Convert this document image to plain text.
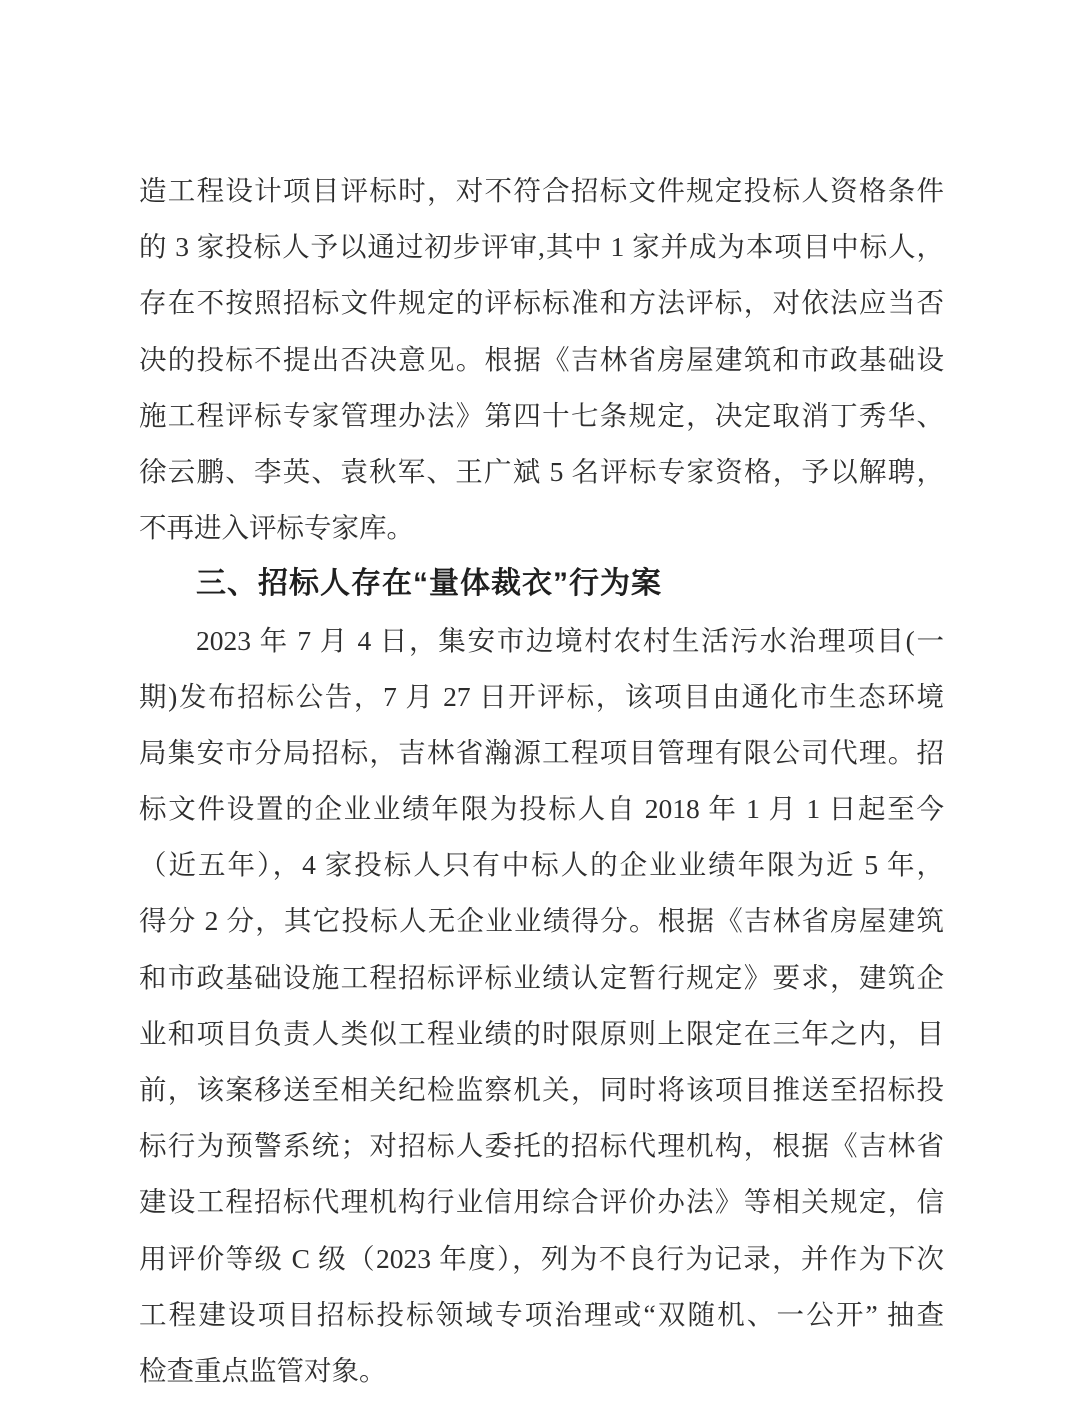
造工程设计项目评标时，对不符合招标文件规定投标人资格条件

的 3 家投标人予以通过初步评审,其中 1 家并成为本项目中标人，

存在不按照招标文件规定的评标标准和方法评标，对依法应当否

决的投标不提出否决意见。根据《吉林省房屋建筑和市政基础设

施工程评标专家管理办法》第四十七条规定，决定取消丁秀华、

徐云鹏、李英、袁秋军、王广斌 5 名评标专家资格，予以解聘，

不再进入评标专家库。

三、招标人存在“量体裁衣”行为案

2023 年 7 月 4 日，集安市边境村农村生活污水治理项目(一

期)发布招标公告，7 月 27 日开评标，该项目由通化市生态环境

局集安市分局招标，吉林省瀚源工程项目管理有限公司代理。招

标文件设置的企业业绩年限为投标人自 2018 年 1 月 1 日起至今

（近五年），4 家投标人只有中标人的企业业绩年限为近 5 年，

得分 2 分，其它投标人无企业业绩得分。根据《吉林省房屋建筑

和市政基础设施工程招标评标业绩认定暂行规定》要求，建筑企

业和项目负责人类似工程业绩的时限原则上限定在三年之内，目

前，该案移送至相关纪检监察机关，同时将该项目推送至招标投

标行为预警系统；对招标人委托的招标代理机构，根据《吉林省

建设工程招标代理机构行业信用综合评价办法》等相关规定，信

用评价等级 C 级（2023 年度），列为不良行为记录，并作为下次

工程建设项目招标投标领域专项治理或“双随机、一公开” 抽查

检查重点监管对象。
